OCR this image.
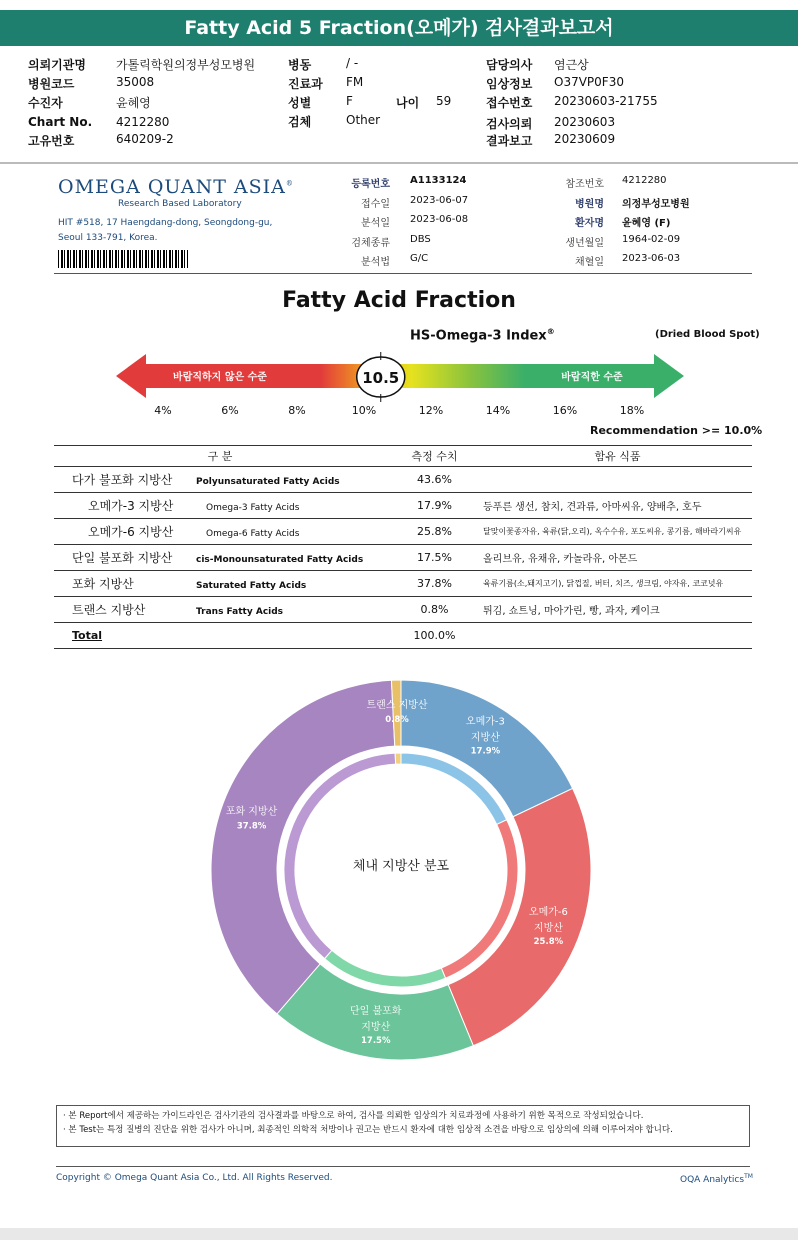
Fatty Acid 5 Fraction(오메가) 검사결과보고서
의뢰기관명	가톨릭학원의정부성모병원
병원코드	35008
수진자	윤혜영
Chart No. 4212280
고유번호	640209-2
병동	/ -
진료과 FM
성별	F	나이 59
검체	Other
담당의사 염근상
임상정보 O37VP0F30
접수번호 20230603-21755
검사의뢰 20230603
결과보고 20230609
OMEGA QUANT ASIA®
Research Based Laboratory
HIT #518, 17 Haengdang-dong, Seongdong-gu,
Seoul 133-791, Korea.
등록번호 A1133124
접수일 2023-06-07
분석일 2023-06-08
검체종류 DBS
분석법 G/C
참조번호 4212280
병원명 의정부성모병원
환자명 윤혜영 (F)
생년월일 1964-02-09
채혈일 2023-06-03
Fatty Acid Fraction
HS-Omega-3 Index®	(Dried Blood Spot)
바람직하지 않은 수준	바람직한 수준
10.5
4%	6%	8%	10%	12%	14%	16%	18%
Recommendation >= 10.0%
구 분	측정 수치	함유 식품
다가 불포화 지방산 Polyunsaturated Fatty Acids	43.6%	
오메가-3 지방산 Omega-3 Fatty Acids	17.9%	등푸른 생선, 참치, 견과류, 아마씨유, 양배추, 호두
오메가-6 지방산 Omega-6 Fatty Acids	25.8%	달맞이꽃종자유, 육류(닭,오리), 옥수수유, 포도씨유, 콩기름, 해바라기씨유
단일 불포화 지방산 cis-Monounsaturated Fatty Acids	17.5%	올리브유, 유채유, 카놀라유, 아몬드
포화 지방산 Saturated Fatty Acids	37.8%	육류기름(소,돼지고기), 닭껍질, 버터, 치즈, 생크림, 야자유, 코코넛유
트랜스 지방산 Trans Fatty Acids	0.8%	튀김, 쇼트닝, 마아가린, 빵, 과자, 케이크
Total	100.0%	
오메가-3
지방산
17.9%
오메가-6
지방산
25.8%
단일 불포화
지방산
17.5%
포화 지방산
37.8%
트랜스 지방산
0.8%
체내 지방산 분포
· 본 Report에서 제공하는 가이드라인은 검사기관의 검사결과를 바탕으로 하여, 검사를 의뢰한 임상의가 치료과정에 사용하기 위한 목적으로 작성되었습니다.
· 본 Test는 특정 질병의 진단을 위한 검사가 아니며, 최종적인 의학적 처방이나 권고는 반드시 환자에 대한 임상적 소견을 바탕으로 임상의에 의해 이루어져야 합니다.
Copyright © Omega Quant Asia Co., Ltd. All Rights Reserved.	OQA Analytics™
